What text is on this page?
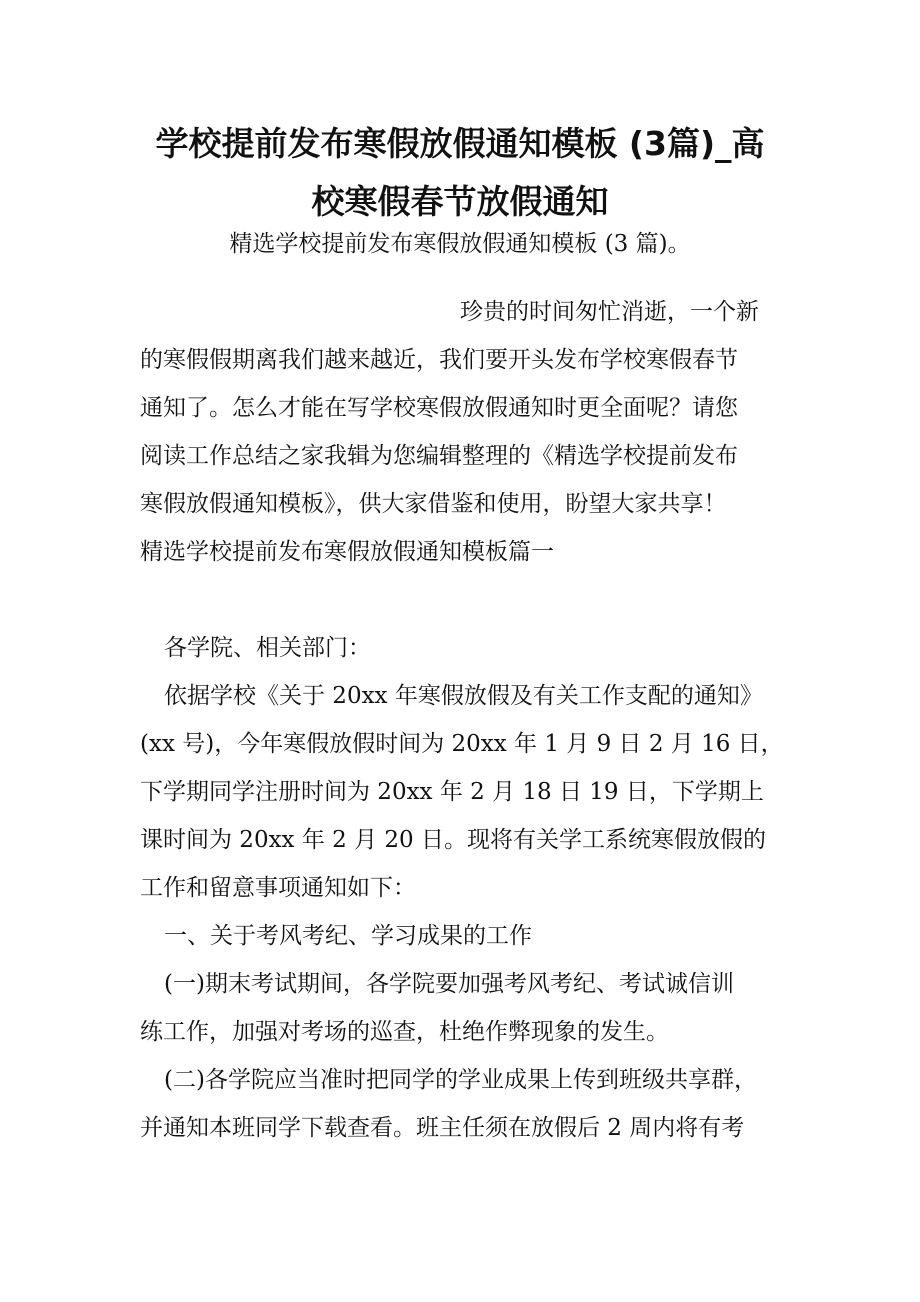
学校提前发布寒假放假通知模板 (3篇)_高
校寒假春节放假通知
精选学校提前发布寒假放假通知模板 (3 篇)。
珍贵的时间匆忙消逝，一个新
的寒假假期离我们越来越近，我们要开头发布学校寒假春节
通知了。怎么才能在写学校寒假放假通知时更全面呢？请您
阅读工作总结之家我辑为您编辑整理的《精选学校提前发布
寒假放假通知模板》，供大家借鉴和使用，盼望大家共享！
精选学校提前发布寒假放假通知模板篇一
各学院、相关部门：
依据学校《关于 20xx 年寒假放假及有关工作支配的通知》
(xx 号)，今年寒假放假时间为 20xx 年 1 月 9 日 2 月 16 日，
下学期同学注册时间为 20xx 年 2 月 18 日 19 日，下学期上
课时间为 20xx 年 2 月 20 日。现将有关学工系统寒假放假的
工作和留意事项通知如下：
一、关于考风考纪、学习成果的工作
(一)期末考试期间，各学院要加强考风考纪、考试诚信训
练工作，加强对考场的巡查，杜绝作弊现象的发生。
(二)各学院应当准时把同学的学业成果上传到班级共享群，
并通知本班同学下载查看。班主任须在放假后 2 周内将有考
